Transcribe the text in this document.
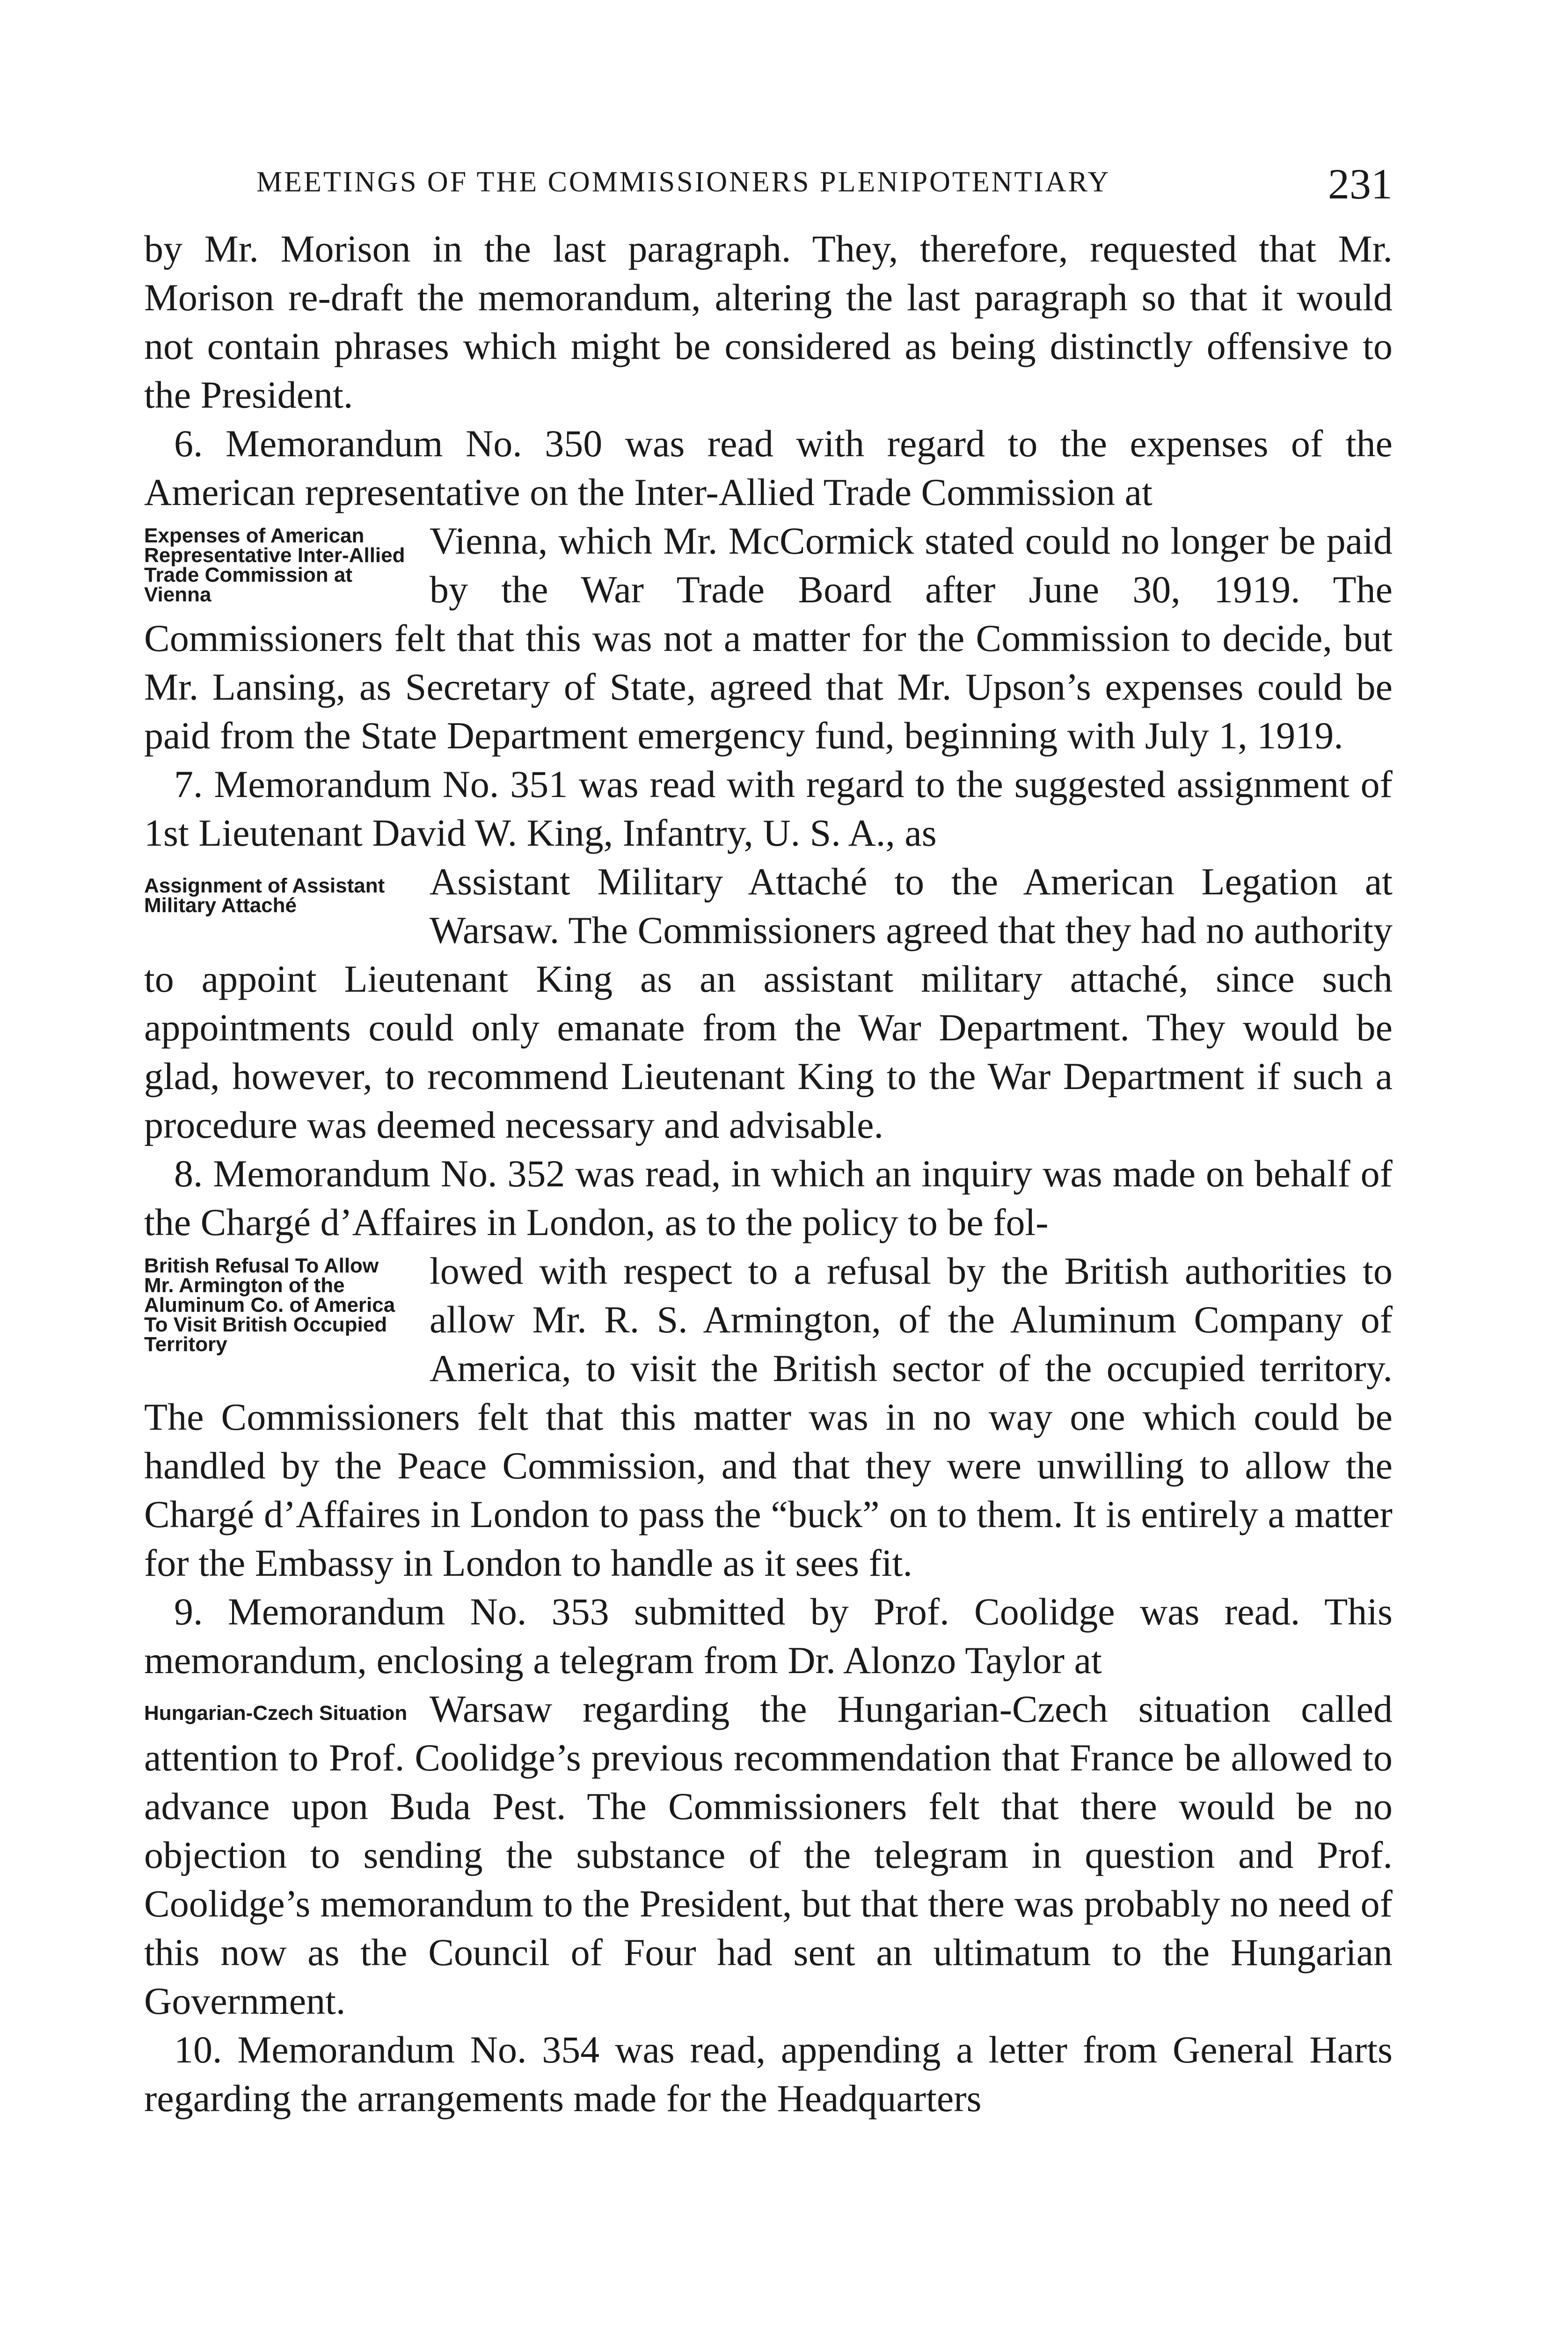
MEETINGS OF THE COMMISSIONERS PLENIPOTENTIARY	231

by Mr. Morison in the last paragraph. They, therefore, requested that Mr. Morison re-draft the memorandum, altering the last paragraph so that it would not contain phrases which might be considered as being distinctly offensive to the President.

6. Memorandum No. 350 was read with regard to the expenses of the American representative on the Inter-Allied Trade Commission at

Expenses of American Representative Inter-Allied Trade Commission at Vienna

Vienna, which Mr. McCormick stated could no longer be paid by the War Trade Board after June 30, 1919. The Commissioners felt that this was not a matter for the Commission to decide, but Mr. Lansing, as Secretary of State, agreed that Mr. Upson’s expenses could be paid from the State Department emergency fund, beginning with July 1, 1919.

7. Memorandum No. 351 was read with regard to the suggested assignment of 1st Lieutenant David W. King, Infantry, U. S. A., as

Assignment of Assistant Military Attaché

Assistant Military Attaché to the American Legation at Warsaw. The Commissioners agreed that they had no authority to appoint Lieutenant King as an assistant military attaché, since such appointments could only emanate from the War Department. They would be glad, however, to recommend Lieutenant King to the War Department if such a procedure was deemed necessary and advisable.

8. Memorandum No. 352 was read, in which an inquiry was made on behalf of the Chargé d’Affaires in London, as to the policy to be fol-

British Refusal To Allow Mr. Armington of the Aluminum Co. of America To Visit British Occupied Territory

lowed with respect to a refusal by the British authorities to allow Mr. R. S. Armington, of the Aluminum Company of America, to visit the British sector of the occupied territory. The Commissioners felt that this matter was in no way one which could be handled by the Peace Commission, and that they were unwilling to allow the Chargé d’Affaires in London to pass the “buck” on to them. It is entirely a matter for the Embassy in London to handle as it sees fit.

9. Memorandum No. 353 submitted by Prof. Coolidge was read. This memorandum, enclosing a telegram from Dr. Alonzo Taylor at

Hungarian-Czech Situation Warsaw regarding the Hungarian-Czech situation called attention to Prof. Coolidge’s previous recommendation that France be allowed to advance upon Buda Pest. The Commissioners felt that there would be no objection to sending the substance of the telegram in question and Prof. Coolidge’s memorandum to the President, but that there was probably no need of this now as the Council of Four had sent an ultimatum to the Hungarian Government.

10. Memorandum No. 354 was read, appending a letter from General Harts regarding the arrangements made for the Headquarters
